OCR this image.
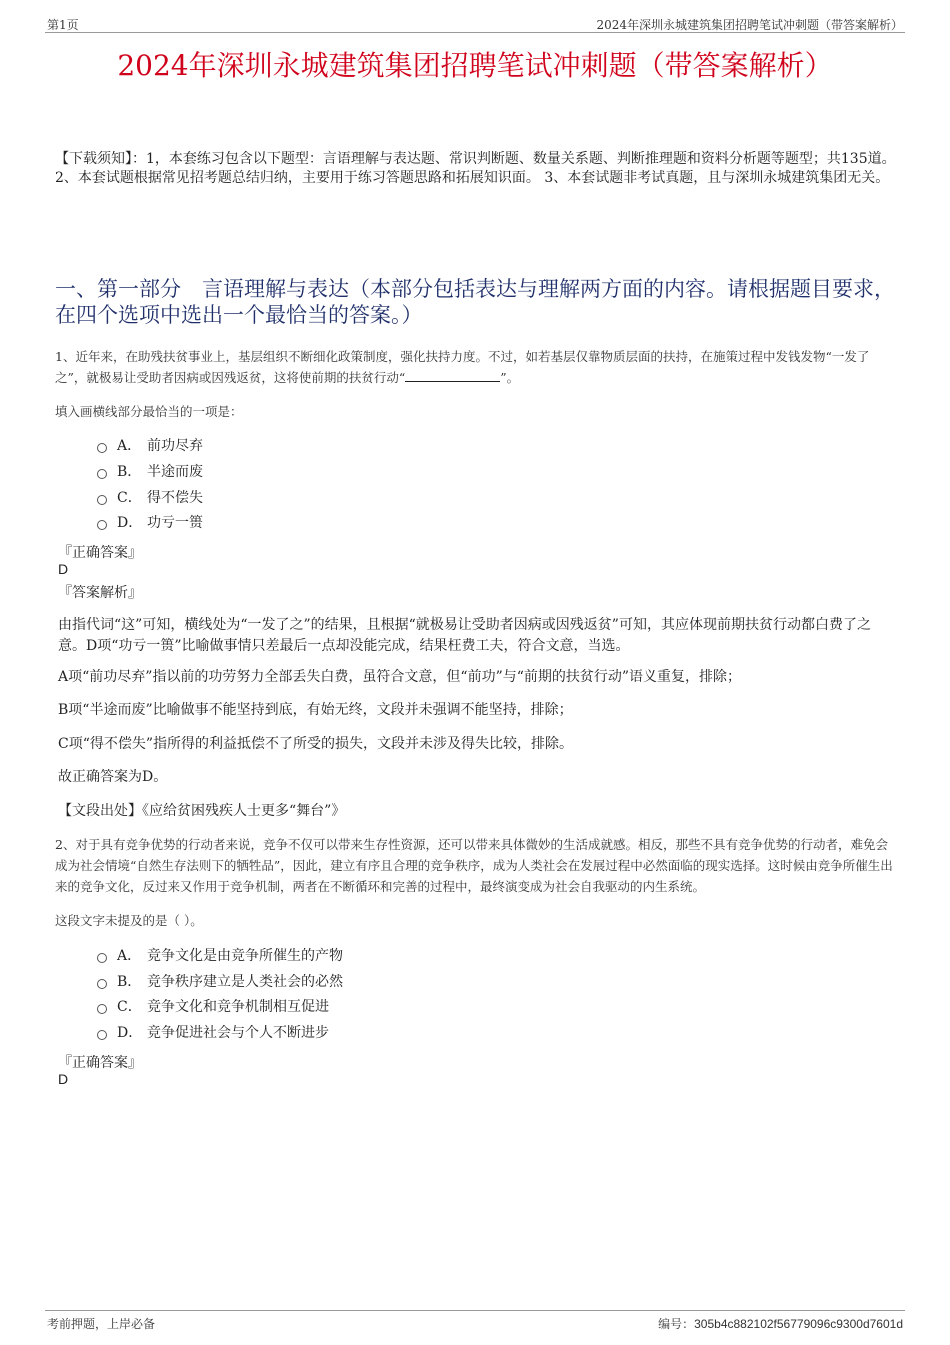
第1页	2024年深圳永城建筑集团招聘笔试冲刺题（带答案解析）
2024年深圳永城建筑集团招聘笔试冲刺题（带答案解析）
【下载须知】：1，本套练习包含以下题型：言语理解与表达题、常识判断题、数量关系题、判断推理题和资料分析题等题型；共135道。 2、本套试题根据常见招考题总结归纳，主要用于练习答题思路和拓展知识面。 3、本套试题非考试真题，且与深圳永城建筑集团无关。
一、第一部分　言语理解与表达（本部分包括表达与理解两方面的内容。请根据题目要求，在四个选项中选出一个最恰当的答案。）
1、近年来，在助残扶贫事业上，基层组织不断细化政策制度，强化扶持力度。不过，如若基层仅靠物质层面的扶持，在施策过程中发钱发物“一发了之”，就极易让受助者因病或因残返贫，这将使前期的扶贫行动“	”。
填入画横线部分最恰当的一项是：
A． 前功尽弃
B． 半途而废
C． 得不偿失
D． 功亏一篑
『正确答案』
D
『答案解析』
由指代词“这”可知，横线处为“一发了之”的结果，且根据“就极易让受助者因病或因残返贫”可知，其应体现前期扶贫行动都白费了之意。D项“功亏一篑”比喻做事情只差最后一点却没能完成，结果枉费工夫，符合文意，当选。
A项“前功尽弃”指以前的功劳努力全部丢失白费，虽符合文意，但“前功”与“前期的扶贫行动”语义重复，排除；
B项“半途而废”比喻做事不能坚持到底，有始无终，文段并未强调不能坚持，排除；
C项“得不偿失”指所得的利益抵偿不了所受的损失，文段并未涉及得失比较，排除。
故正确答案为D。
【文段出处】《应给贫困残疾人士更多“舞台”》
2、对于具有竞争优势的行动者来说，竞争不仅可以带来生存性资源，还可以带来具体微妙的生活成就感。相反，那些不具有竞争优势的行动者，难免会成为社会情境“自然生存法则下的牺牲品”，因此，建立有序且合理的竞争秩序，成为人类社会在发展过程中必然面临的现实选择。这时候由竞争所催生出来的竞争文化，反过来又作用于竞争机制，两者在不断循环和完善的过程中，最终演变成为社会自我驱动的内生系统。
这段文字未提及的是（ ）。
A． 竞争文化是由竞争所催生的产物
B． 竞争秩序建立是人类社会的必然
C． 竞争文化和竞争机制相互促进
D． 竞争促进社会与个人不断进步
『正确答案』
D
考前押题，上岸必备	编号：305b4c882102f56779096c9300d7601d
